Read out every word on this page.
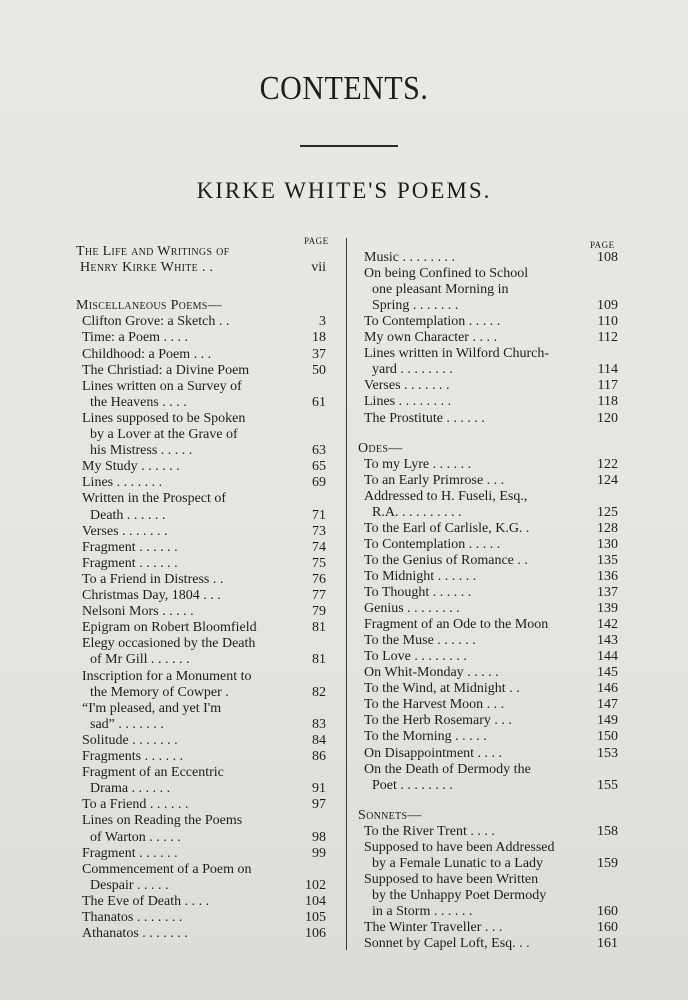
CONTENTS.
KIRKE WHITE'S POEMS.
PAGE
The Life and Writings of
Henry Kirke White . .	vii
Miscellaneous Poems—
Clifton Grove: a Sketch . .	3
Time: a Poem . . . .	18
Childhood: a Poem . . .	37
The Christiad: a Divine Poem	50
Lines written on a Survey of
the Heavens . . . .	61
Lines supposed to be Spoken
by a Lover at the Grave of
his Mistress . . . . .	63
My Study . . . . . .	65
Lines . . . . . . .	69
Written in the Prospect of
Death . . . . . .	71
Verses . . . . . . .	73
Fragment . . . . . .	74
Fragment . . . . . .	75
To a Friend in Distress . .	76
Christmas Day, 1804 . . .	77
Nelsoni Mors . . . . .	79
Epigram on Robert Bloomfield	81
Elegy occasioned by the Death
of Mr Gill . . . . . .	81
Inscription for a Monument to
the Memory of Cowper .	82
“I'm pleased, and yet I'm
sad” . . . . . . .	83
Solitude . . . . . . .	84
Fragments . . . . . .	86
Fragment of an Eccentric
Drama . . . . . .	91
To a Friend . . . . . .	97
Lines on Reading the Poems
of Warton . . . . .	98
Fragment . . . . . .	99
Commencement of a Poem on
Despair . . . . .	102
The Eve of Death . . . .	104
Thanatos . . . . . . .	105
Athanatos . . . . . . .	106
PAGE
Music . . . . . . . .	108
On being Confined to School
one pleasant Morning in
Spring . . . . . . .	109
To Contemplation . . . . .	110
My own Character . . . .	112
Lines written in Wilford Church-
yard . . . . . . . .	114
Verses . . . . . . .	117
Lines . . . . . . . .	118
The Prostitute . . . . . .	120
Odes—
To my Lyre . . . . . .	122
To an Early Primrose . . .	124
Addressed to H. Fuseli, Esq.,
R.A. . . . . . . . . .	125
To the Earl of Carlisle, K.G. .	128
To Contemplation . . . . .	130
To the Genius of Romance . .	135
To Midnight . . . . . .	136
To Thought . . . . . .	137
Genius . . . . . . . .	139
Fragment of an Ode to the Moon	142
To the Muse . . . . . .	143
To Love . . . . . . . .	144
On Whit-Monday . . . . .	145
To the Wind, at Midnight . .	146
To the Harvest Moon . . .	147
To the Herb Rosemary . . .	149
To the Morning . . . . .	150
On Disappointment . . . .	153
On the Death of Dermody the
Poet . . . . . . . .	155
Sonnets—
To the River Trent . . . .	158
Supposed to have been Addressed
by a Female Lunatic to a Lady	159
Supposed to have been Written
by the Unhappy Poet Dermody
in a Storm . . . . . .	160
The Winter Traveller . . .	160
Sonnet by Capel Loft, Esq. . .	161
